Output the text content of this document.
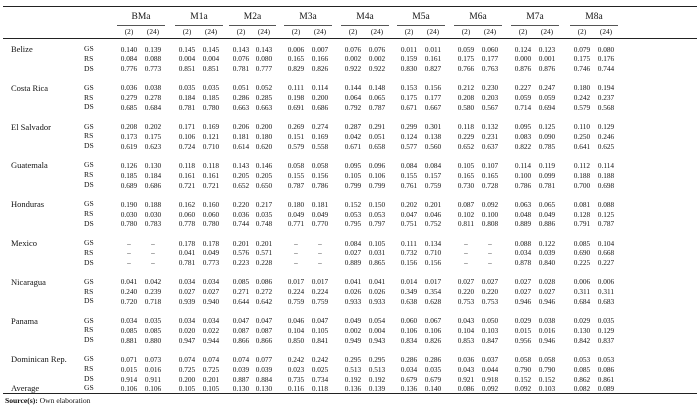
BMa
(2)	(24)
M1a
(2)	(24)
M2a
(2)	(24)
M3a
(2)	(24)
M4a
(2)	(24)
M5a
(2)	(24)
M6a
(2)	(24)
M7a
(2)	(24)
M8a
(2)	(24)
Belize	GS	0.140	0.139	0.145	0.145	0.143 0.143	0.006	0.007	0.076	0.076	0.011	0.011	0.059	0.060	0.124	0.123	0.079	0.080
RS	0.084	0.088	0.004	0.004	0.076 0.080	0.165	0.166	0.002	0.002	0.159	0.161	0.175	0.177	0.000	0.001	0.175	0.176
DS	0.776	0.773	0.851	0.851	0.781 0.777	0.829	0.826	0.922	0.922	0.830	0.827	0.766	0.763	0.876	0.876	0.746	0.744
Costa Rica	GS	0.036	0.038	0.035	0.035	0.051 0.052	0.111	0.114	0.144	0.148	0.153	0.156	0.212	0.230	0.227	0.247	0.180	0.194
RS	0.279	0.278	0.184	0.185	0.286 0.285	0.198	0.200	0.064	0.065	0.175	0.177	0.208	0.203	0.059	0.059	0.242	0.237
DS	0.685	0.684	0.781	0.780	0.663 0.663	0.691	0.686	0.792	0.787	0.671	0.667	0.580	0.567	0.714	0.694	0.579	0.568
El Salvador	GS	0.208	0.202	0.171	0.169	0.206 0.200	0.269	0.274	0.287	0.291	0.299	0.301	0.118	0.132	0.095	0.125	0.110	0.129
RS	0.173	0.175	0.106	0.121	0.181 0.180	0.151	0.169	0.042	0.051	0.124	0.138	0.229	0.231	0.083	0.090	0.250	0.246
DS	0.619	0.623	0.724	0.710	0.614 0.620	0.579	0.558	0.671	0.658	0.577	0.560	0.652	0.637	0.822	0.785	0.641	0.625
Guatemala	GS	0.126	0.130	0.118	0.118	0.143 0.146	0.058	0.058	0.095	0.096	0.084	0.084	0.105	0.107	0.114	0.119	0.112	0.114
RS	0.185	0.184	0.161	0.161	0.205 0.205	0.155	0.156	0.105	0.106	0.155	0.157	0.165	0.165	0.100	0.099	0.188	0.188
DS	0.689	0.686	0.721	0.721	0.652 0.650	0.787	0.786	0.799	0.799	0.761	0.759	0.730	0.728	0.786	0.781	0.700	0.698
Honduras	GS	0.190	0.188	0.162	0.160	0.220 0.217	0.180	0.181	0.152	0.150	0.202	0.201	0.087	0.092	0.063	0.065	0.081	0.088
RS	0.030	0.030	0.060	0.060	0.036 0.035	0.049	0.049	0.053	0.053	0.047	0.046	0.102	0.100	0.048	0.049	0.128	0.125
DS	0.780	0.783	0.778	0.780	0.744 0.748	0.771	0.770	0.795	0.797	0.751	0.752	0.811	0.808	0.889	0.886	0.791	0.787
Mexico	GS	–	–	0.178	0.178	0.201 0.201	–	–	0.084	0.105	0.111	0.134	–	–	0.088	0.122	0.085	0.104
RS	–	–	0.041	0.049	0.576 0.571	–	–	0.027	0.031	0.732	0.710	–	–	0.034	0.039	0.690	0.668
DS	–	–	0.781	0.773	0.223 0.228	–	–	0.889	0.865	0.156	0.156	–	–	0.878	0.840	0.225	0.227
Nicaragua	GS	0.041	0.042	0.034	0.034	0.085 0.086	0.017	0.017	0.041	0.041	0.014	0.017	0.027	0.027	0.027	0.028	0.006	0.006
RS	0.240	0.239	0.027	0.027	0.271 0.272	0.224	0.224	0.026	0.026	0.349	0.354	0.220	0.220	0.027	0.027	0.311	0.311
DS	0.720	0.718	0.939	0.940	0.644 0.642	0.759	0.759	0.933	0.933	0.638	0.628	0.753	0.753	0.946	0.946	0.684	0.683
Panama	GS	0.034	0.035	0.034	0.034	0.047 0.047	0.046	0.047	0.049	0.054	0.060	0.067	0.043	0.050	0.029	0.038	0.029	0.035
RS	0.085	0.085	0.020	0.022	0.087 0.087	0.104	0.105	0.002	0.004	0.106	0.106	0.104	0.103	0.015	0.016	0.130	0.129
DS	0.881	0.880	0.947	0.944	0.866 0.866	0.850	0.841	0.949	0.943	0.834	0.826	0.853	0.847	0.956	0.946	0.842	0.837
Dominican Rep. GS	0.071	0.073	0.074	0.074	0.074 0.077	0.242	0.242	0.295	0.295	0.286	0.286	0.036	0.037	0.058	0.058	0.053	0.053
RS	0.015	0.016	0.725	0.725	0.039 0.039	0.023	0.025	0.513	0.513	0.034	0.035	0.043	0.044	0.790	0.790	0.085	0.086
DS	0.914	0.911	0.200	0.201	0.887 0.884	0.735	0.734	0.192	0.192	0.679	0.679	0.921	0.918	0.152	0.152	0.862	0.861
Average	GS	0.106	0.106	0.105	0.105	0.130 0.130	0.116	0.118	0.136	0.139	0.136	0.140	0.086	0.092	0.092	0.103	0.082	0.089
Source(s): Own elaboration
